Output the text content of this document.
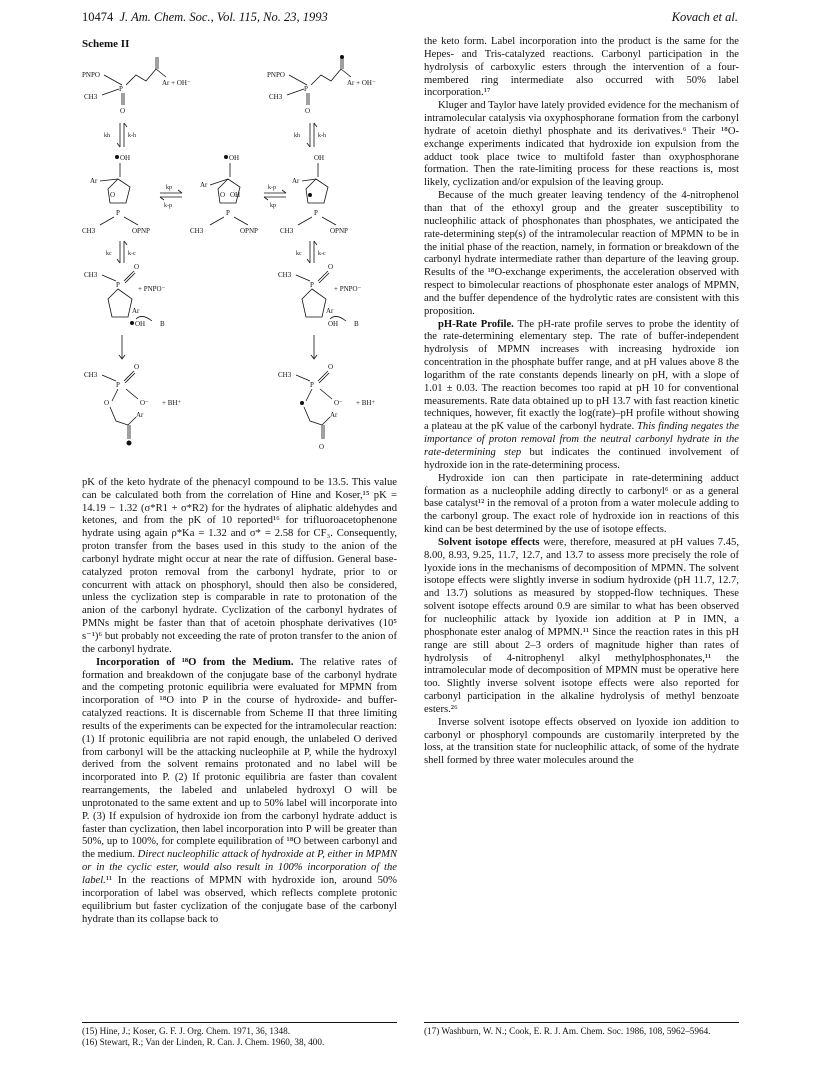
10474 J. Am. Chem. Soc., Vol. 115, No. 23, 1993	Kovach et al.
Scheme II
PNPO
P
CH3
O
Ar + OH⁻
PNPO
P
CH3
O
Ar + OH⁻
kh	k-h	kh	k-h
OH
Ar
O
P
CH3	OPNP
kp
k-p
OH
Ar
O OH
P
CH3	OPNP
k-p
kp
OH
Ar
P
CH3	OPNP
kc	k-c	kc	k-c
CH3
P
O
+ PNPO⁻
Ar
OH B
CH3
P
O
+ PNPO⁻
Ar
OH B
CH3
P
O
O	O⁻ + BH⁺
Ar
CH3
P
O
O⁻ + BH⁺
Ar
O

pK of the keto hydrate of the phenacyl compound to be 13.5. This value can be calculated both from the correlation of Hine and Koser,¹⁵ pK = 14.19 − 1.32 (σ*R1 + σ*R2) for the hydrates of aliphatic aldehydes and ketones, and from the pK of 10 reported¹⁶ for trifluoroacetophenone hydrate using again ρ*Ka = 1.32 and σ* = 2.58 for CF₃. Consequently, proton transfer from the bases used in this study to the anion of the carbonyl hydrate might occur at near the rate of diffusion. General base-catalyzed proton removal from the carbonyl hydrate, prior to or concurrent with attack on phosphoryl, should then also be considered, unless the cyclization step is comparable in rate to protonation of the anion of the carbonyl hydrate. Cyclization of the carbonyl hydrates of PMNs might be faster than that of acetoin phosphate derivatives (10⁵ s⁻¹)⁶ but probably not exceeding the rate of proton transfer to the anion of the carbonyl hydrate.

Incorporation of ¹⁸O from the Medium. The relative rates of formation and breakdown of the conjugate base of the carbonyl hydrate and the competing protonic equilibria were evaluated for MPMN from incorporation of ¹⁸O into P in the course of hydroxide- and buffer-catalyzed reactions. It is discernable from Scheme II that three limiting results of the experiments can be expected for the intramolecular reaction: (1) If protonic equilibria are not rapid enough, the unlabeled O derived from carbonyl will be the attacking nucleophile at P, while the hydroxyl derived from the solvent remains protonated and no label will be incorporated into P. (2) If protonic equilibria are faster than covalent rearrangements, the labeled and unlabeled hydroxyl O will be unprotonated to the same extent and up to 50% label will incorporate into P. (3) If expulsion of hydroxide ion from the carbonyl hydrate adduct is faster than cyclization, then label incorporation into P will be greater than 50%, up to 100%, for complete equilibration of ¹⁸O between carbonyl and the medium. Direct nucleophilic attack of hydroxide at P, either in MPMN or in the cyclic ester, would also result in 100% incorporation of the label.¹¹ In the reactions of MPMN with hydroxide ion, around 50% incorporation of label was observed, which reflects complete protonic equilibrium but faster cyclization of the conjugate base of the carbonyl hydrate than its collapse back to

the keto form. Label incorporation into the product is the same for the Hepes- and Tris-catalyzed reactions. Carbonyl participation in the hydrolysis of carboxylic esters through the intervention of a four-membered ring intermediate also occurred with 50% label incorporation.¹⁷

Kluger and Taylor have lately provided evidence for the mechanism of intramolecular catalysis via oxyphosphorane formation from the carbonyl hydrate of acetoin diethyl phosphate and its derivatives.⁶ Their ¹⁸O-exchange experiments indicated that hydroxide ion expulsion from the adduct took place twice to multifold faster than oxyphosphorane formation. Then the rate-limiting process for these reactions is, most likely, cyclization and/or expulsion of the leaving group.

Because of the much greater leaving tendency of the 4-nitrophenol than that of the ethoxyl group and the greater susceptibility to nucleophilic attack of phosphonates than phosphates, we anticipated the rate-determining step(s) of the intramolecular reaction of MPMN to be in the initial phase of the reaction, namely, in formation or breakdown of the carbonyl hydrate intermediate rather than departure of the leaving group. Results of the ¹⁸O-exchange experiments, the acceleration observed with respect to bimolecular reactions of phosphonate ester analogs of MPMN, and the buffer dependence of the hydrolytic rates are consistent with this proposition.

pH-Rate Profile. The pH-rate profile serves to probe the identity of the rate-determining elementary step. The rate of buffer-independent hydrolysis of MPMN increases with increasing hydroxide ion concentration in the phosphate buffer range, and at pH values above 8 the logarithm of the rate constants depends linearly on pH, with a slope of 1.01 ± 0.03. The reaction becomes too rapid at pH 10 for conventional measurements. Rate data obtained up to pH 13.7 with fast reaction kinetic techniques, however, fit exactly the log(rate)–pH profile without showing a plateau at the pK value of the carbonyl hydrate. This finding negates the importance of proton removal from the neutral carbonyl hydrate in the rate-determining step but indicates the continued involvement of hydroxide ion in the rate-determining process.

Hydroxide ion can then participate in rate-determining adduct formation as a nucleophile adding directly to carbonyl⁶ or as a general base catalyst¹² in the removal of a proton from a water molecule adding to the carbonyl group. The exact role of hydroxide ion in reactions of this kind can be best determined by the use of isotope effects.

Solvent isotope effects were, therefore, measured at pH values 7.45, 8.00, 8.93, 9.25, 11.7, 12.7, and 13.7 to assess more precisely the role of lyoxide ions in the mechanisms of decomposition of MPMN. The solvent isotope effects were slightly inverse in sodium hydroxide (pH 11.7, 12.7, and 13.7) solutions as measured by stopped-flow techniques. These solvent isotope effects around 0.9 are similar to what has been observed for nucleophilic attack by lyoxide ion addition at P in IMN, a phosphonate ester analog of MPMN.¹¹ Since the reaction rates in this pH range are still about 2–3 orders of magnitude higher than rates of hydrolysis of 4-nitrophenyl alkyl methylphosphonates,¹¹ the intramolecular mode of decomposition of MPMN must be operative here too. Slightly inverse solvent isotope effects were also reported for carbonyl participation in the alkaline hydrolysis of methyl benzoate esters.²⁶

Inverse solvent isotope effects observed on lyoxide ion addition to carbonyl or phosphoryl compounds are customarily interpreted by the loss, at the transition state for nucleophilic attack, of some of the hydrate shell formed by three water molecules around the

(15) Hine, J.; Koser, G. F. J. Org. Chem. 1971, 36, 1348.

(16) Stewart, R.; Van der Linden, R. Can. J. Chem. 1960, 38, 400.

(17) Washburn, W. N.; Cook, E. R. J. Am. Chem. Soc. 1986, 108, 5962–5964.
